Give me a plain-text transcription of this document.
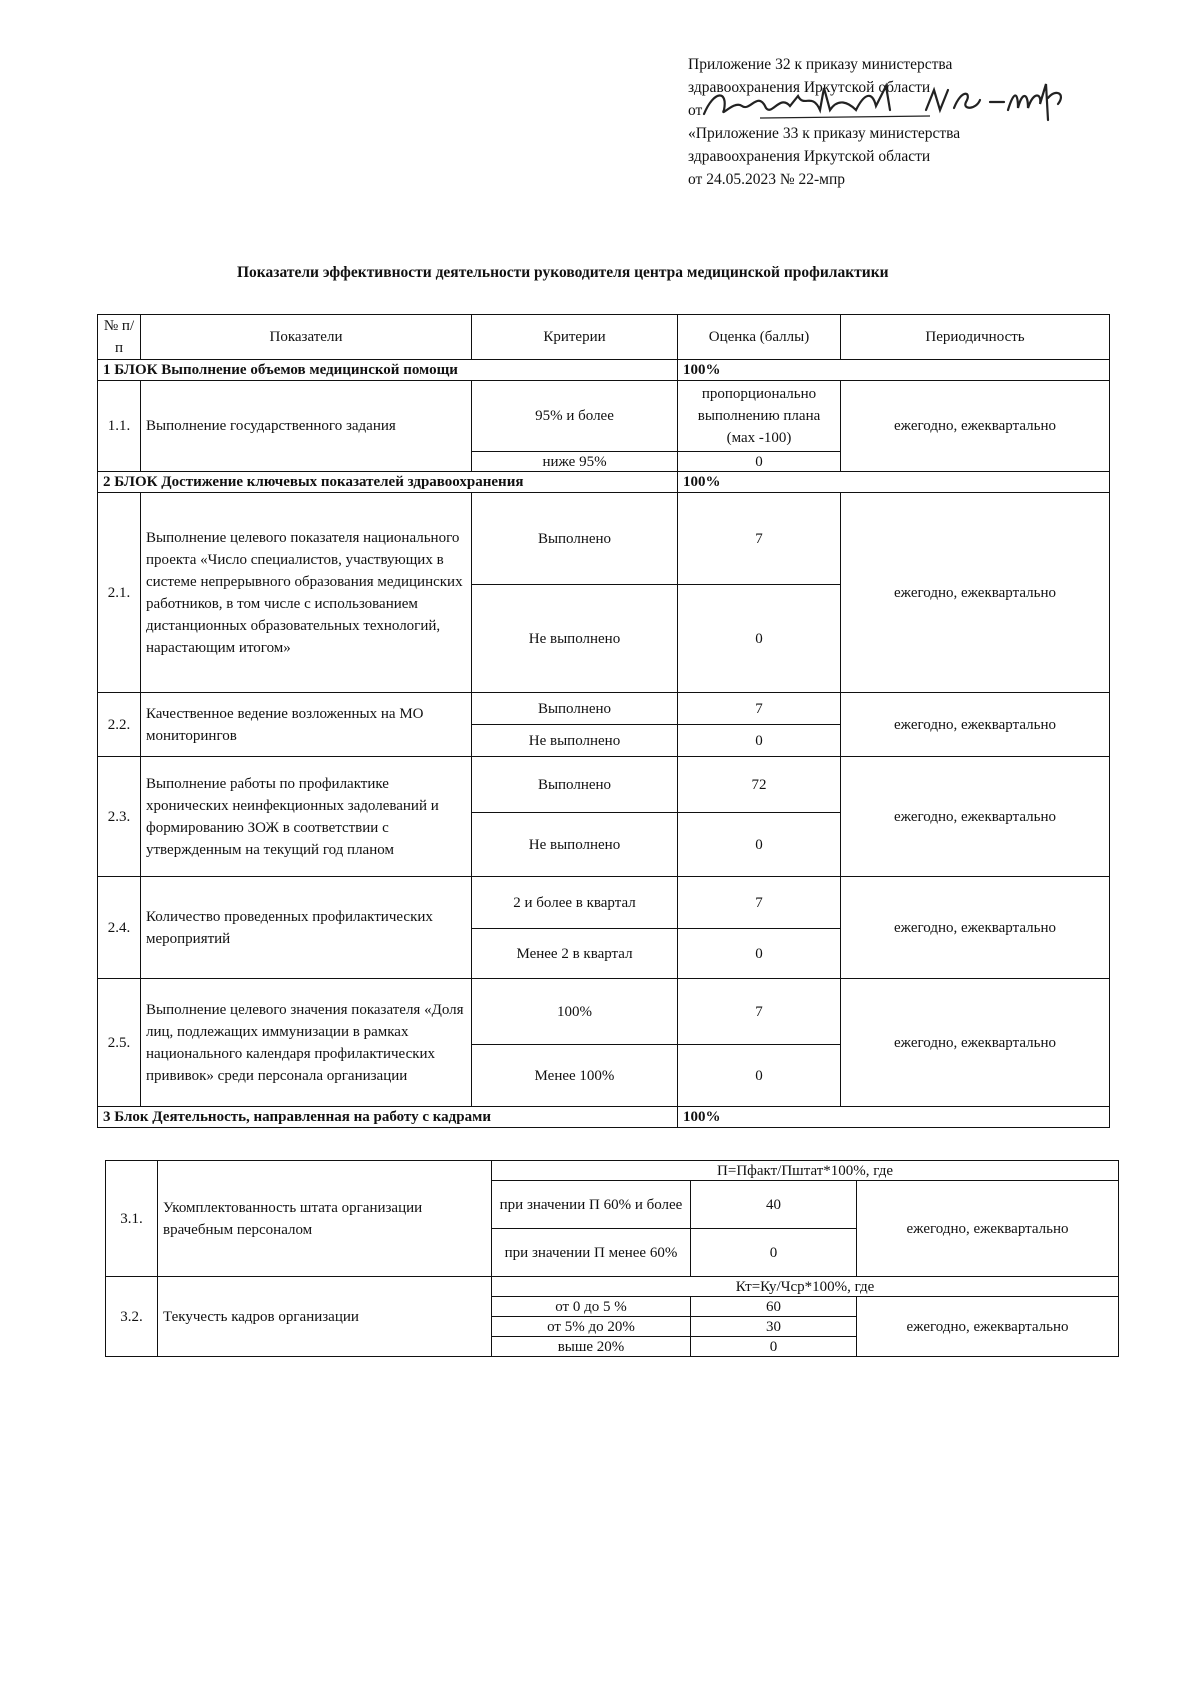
Приложение 32 к приказу министерства
здравоохранения Иркутской области
от
«Приложение 33 к приказу министерства
здравоохранения Иркутской области
от 24.05.2023 № 22-мпр
Показатели эффективности деятельности руководителя центра медицинской профилактики
№ п/п	Показатели	Критерии	Оценка (баллы)	Периодичность
1 БЛОК Выполнение объемов медицинской помощи			100%	
1.1.	Выполнение государственного задания	95% и более	пропорционально выполнению плана (мах -100)	ежегодно, ежеквартально
		ниже 95%	0	
2 БЛОК Достижение ключевых показателей здравоохранения			100%	
2.1.	Выполнение целевого показателя национального проекта «Число специалистов, участвующих в системе непрерывного образования медицинских работников, в том числе с использованием дистанционных образовательных технологий, нарастающим итогом»	Выполнено	7	ежегодно, ежеквартально
		Не выполнено	0	
2.2.	Качественное ведение возложенных на МО мониторингов	Выполнено	7	ежегодно, ежеквартально
		Не выполнено	0	
2.3.	Выполнение работы по профилактике хронических неинфекционных задолеваний и формированию ЗОЖ в соответствии с утвержденным на текущий год планом	Выполнено	72	ежегодно, ежеквартально
		Не выполнено	0	
2.4.	Количество проведенных профилактических мероприятий	2 и более в квартал	7	ежегодно, ежеквартально
		Менее 2 в квартал	0	
2.5.	Выполнение целевого значения показателя «Доля лиц, подлежащих иммунизации в рамках национального календаря профилактических прививок» среди персонала организации	100%	7	ежегодно, ежеквартально
		Менее 100%	0	
3 Блок Деятельность, направленная на работу с кадрами			100%	
3.1.	Укомплектованность штата организации врачебным персоналом	П=Пфакт/Пштат*100%, где		
		при значении П 60% и более	40	ежегодно, ежеквартально
		при значении П менее 60%	0	
3.2.	Текучесть кадров организации	Кт=Ку/Чср*100%, где		
		от 0 до 5 %	60	ежегодно, ежеквартально
		от 5% до 20%	30	
		выше 20%	0	
